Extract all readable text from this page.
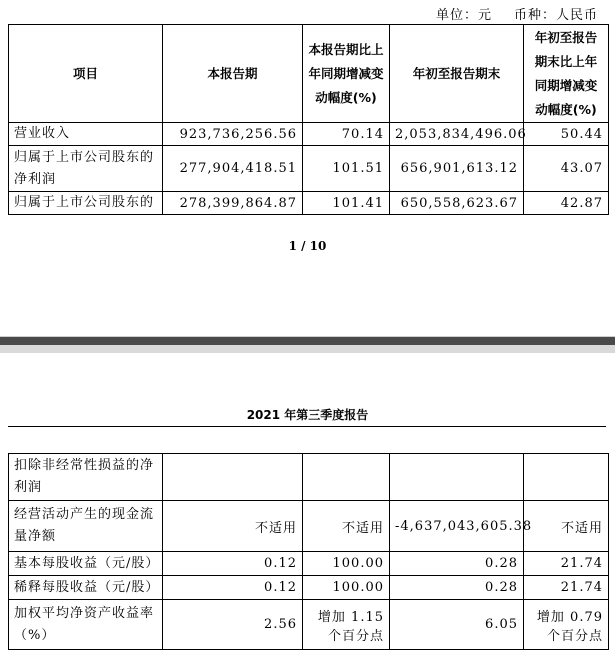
单位：元 币种：人民币
项目	本报告期	本报告期比上年同期增减变动幅度(%)	年初至报告期末	年初至报告期末比上年同期增减变动幅度(%)
营业收入	923,736,256.56	70.14	2,053,834,496.06	50.44
归属于上市公司股东的净利润	277,904,418.51	101.51	656,901,613.12	43.07
归属于上市公司股东的	278,399,864.87	101.41	650,558,623.67	42.87
1 / 10
2021 年第三季度报告
扣除非经常性损益的净利润				
经营活动产生的现金流量净额	不适用	不适用	-4,637,043,605.38	不适用
基本每股收益（元/股）	0.12	100.00	0.28	21.74
稀释每股收益（元/股）	0.12	100.00	0.28	21.74
加权平均净资产收益率（%）	2.56	增加 1.15 个百分点	6.05	增加 0.79 个百分点
